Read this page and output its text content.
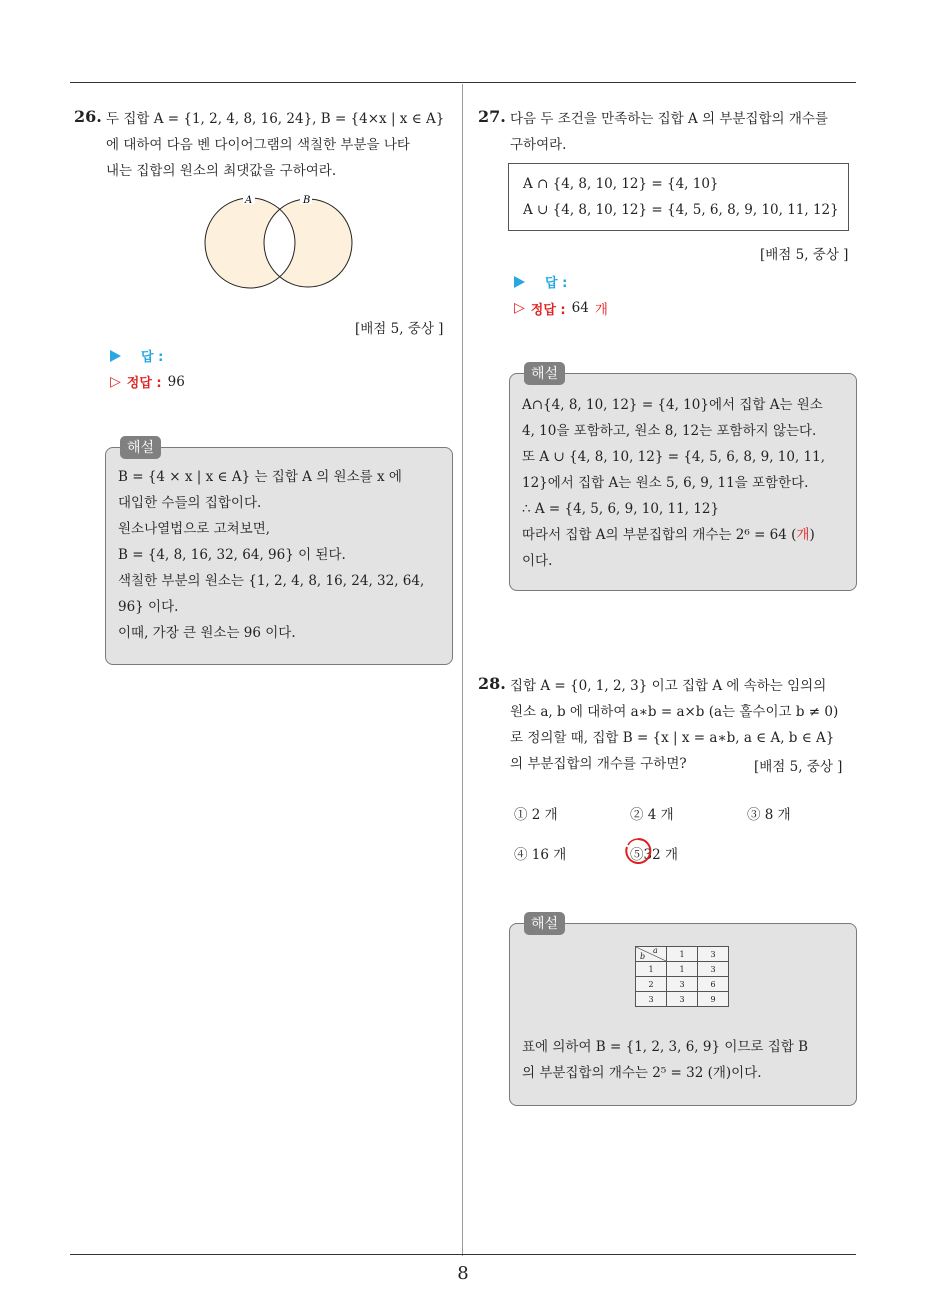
8
26. 두 집합 A = {1, 2, 4, 8, 16, 24}, B = {4×x | x ∈ A}
에 대하여 다음 벤 다이어그램의 색칠한 부분을 나타
내는 집합의 원소의 최댓값을 구하여라.
A	B
[배점 5, 중상 ]
답 :
▷ 정답 : 96
해설
B = {4 × x | x ∈ A} 는 집합 A 의 원소를 x 에
대입한 수들의 집합이다.
원소나열법으로 고쳐보면,
B = {4, 8, 16, 32, 64, 96} 이 된다.
색칠한 부분의 원소는 {1, 2, 4, 8, 16, 24, 32, 64,
96} 이다.
이때, 가장 큰 원소는 96 이다.
27. 다음 두 조건을 만족하는 집합 A 의 부분집합의 개수를
구하여라.
A ∩ {4, 8, 10, 12} = {4, 10}
A ∪ {4, 8, 10, 12} = {4, 5, 6, 8, 9, 10, 11, 12}
[배점 5, 중상 ]
답 :
▷ 정답 : 64 개
해설
A∩{4, 8, 10, 12} = {4, 10}에서 집합 A는 원소
4, 10을 포함하고, 원소 8, 12는 포함하지 않는다.
또 A ∪ {4, 8, 10, 12} = {4, 5, 6, 8, 9, 10, 11,
12}에서 집합 A는 원소 5, 6, 9, 11을 포함한다.
∴ A = {4, 5, 6, 9, 10, 11, 12}
따라서 집합 A의 부분집합의 개수는 2⁶ = 64 (개)
이다.
28. 집합 A = {0, 1, 2, 3} 이고 집합 A 에 속하는 임의의
원소 a, b 에 대하여 a∗b = a×b (a는 홀수이고 b ≠ 0)
로 정의할 때, 집합 B = {x | x = a∗b, a ∈ A, b ∈ A}
의 부분집합의 개수를 구하면?	[배점 5, 중상 ]
① 2 개	② 4 개	③ 8 개
④ 16 개	⑤32 개
해설
a
b	1	3
1	1	3
2	3	6
3	3	9
표에 의하여 B = {1, 2, 3, 6, 9} 이므로 집합 B
의 부분집합의 개수는 2⁵ = 32 (개)이다.
